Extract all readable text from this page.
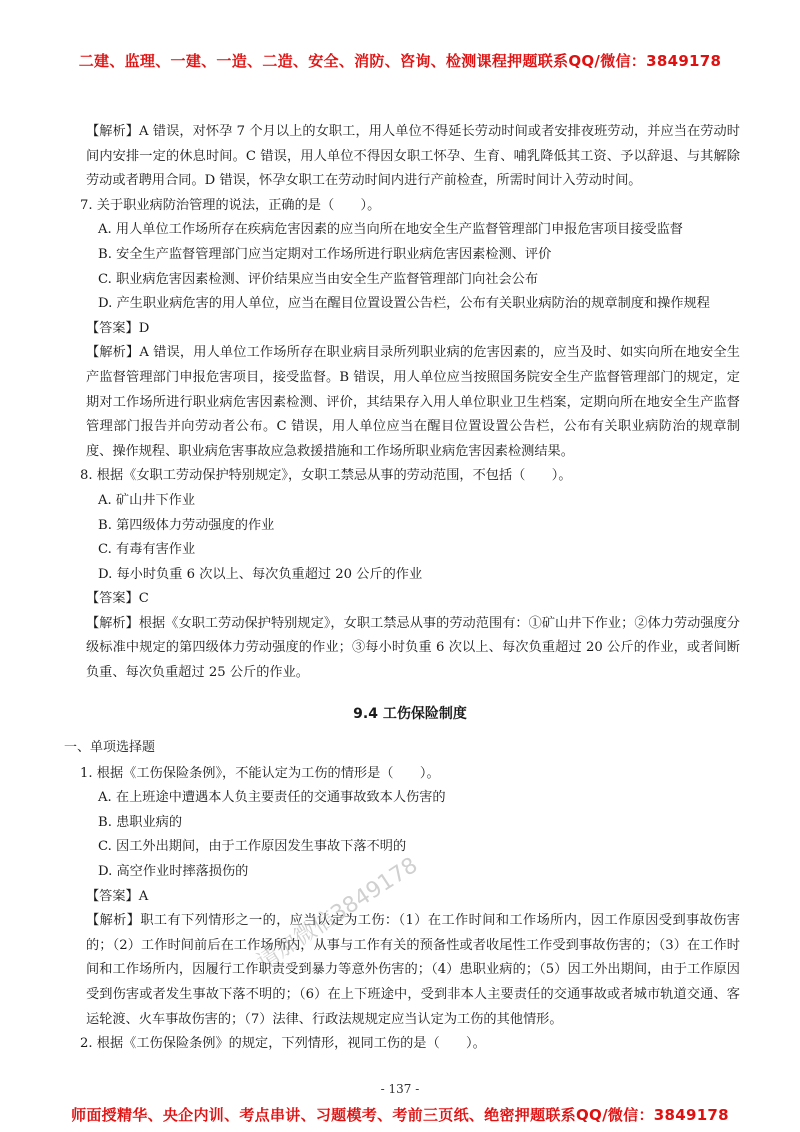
二建、监理、一建、一造、二造、安全、消防、咨询、检测课程押题联系QQ/微信：3849178

【解析】A 错误，对怀孕 7 个月以上的女职工，用人单位不得延长劳动时间或者安排夜班劳动，并应当在劳动时间内安排一定的休息时间。C 错误，用人单位不得因女职工怀孕、生育、哺乳降低其工资、予以辞退、与其解除劳动或者聘用合同。D 错误，怀孕女职工在劳动时间内进行产前检查，所需时间计入劳动时间。

7. 关于职业病防治管理的说法，正确的是（　　）。

A. 用人单位工作场所存在疾病危害因素的应当向所在地安全生产监督管理部门申报危害项目接受监督

B. 安全生产监督管理部门应当定期对工作场所进行职业病危害因素检测、评价

C. 职业病危害因素检测、评价结果应当由安全生产监督管理部门向社会公布

D. 产生职业病危害的用人单位，应当在醒目位置设置公告栏，公布有关职业病防治的规章制度和操作规程

【答案】D

【解析】A 错误，用人单位工作场所存在职业病目录所列职业病的危害因素的，应当及时、如实向所在地安全生产监督管理部门申报危害项目，接受监督。B 错误，用人单位应当按照国务院安全生产监督管理部门的规定，定期对工作场所进行职业病危害因素检测、评价，其结果存入用人单位职业卫生档案，定期向所在地安全生产监督管理部门报告并向劳动者公布。C 错误，用人单位应当在醒目位置设置公告栏，公布有关职业病防治的规章制度、操作规程、职业病危害事故应急救援措施和工作场所职业病危害因素检测结果。

8. 根据《女职工劳动保护特别规定》，女职工禁忌从事的劳动范围，不包括（　　）。

A. 矿山井下作业

B. 第四级体力劳动强度的作业

C. 有毒有害作业

D. 每小时负重 6 次以上、每次负重超过 20 公斤的作业

【答案】C

【解析】根据《女职工劳动保护特别规定》，女职工禁忌从事的劳动范围有：①矿山井下作业；②体力劳动强度分级标准中规定的第四级体力劳动强度的作业；③每小时负重 6 次以上、每次负重超过 20 公斤的作业，或者间断负重、每次负重超过 25 公斤的作业。

9.4 工伤保险制度
一、单项选择题

1. 根据《工伤保险条例》，不能认定为工伤的情形是（　　）。

A. 在上班途中遭遇本人负主要责任的交通事故致本人伤害的

B. 患职业病的

C. 因工外出期间，由于工作原因发生事故下落不明的

D. 高空作业时摔落损伤的

【答案】A

【解析】职工有下列情形之一的，应当认定为工伤：（1）在工作时间和工作场所内，因工作原因受到事故伤害的；（2）工作时间前后在工作场所内，从事与工作有关的预备性或者收尾性工作受到事故伤害的；（3）在工作时间和工作场所内，因履行工作职责受到暴力等意外伤害的；（4）患职业病的；（5）因工外出期间，由于工作原因受到伤害或者发生事故下落不明的；（6）在上下班途中，受到非本人主要责任的交通事故或者城市轨道交通、客运轮渡、火车事故伤害的；（7）法律、行政法规规定应当认定为工伤的其他情形。

2. 根据《工伤保险条例》的规定，下列情形，视同工伤的是（　　）。

请加微信3849178
- 137 -
师面授精华、央企内训、考点串讲、习题模考、考前三页纸、绝密押题联系QQ/微信：3849178
